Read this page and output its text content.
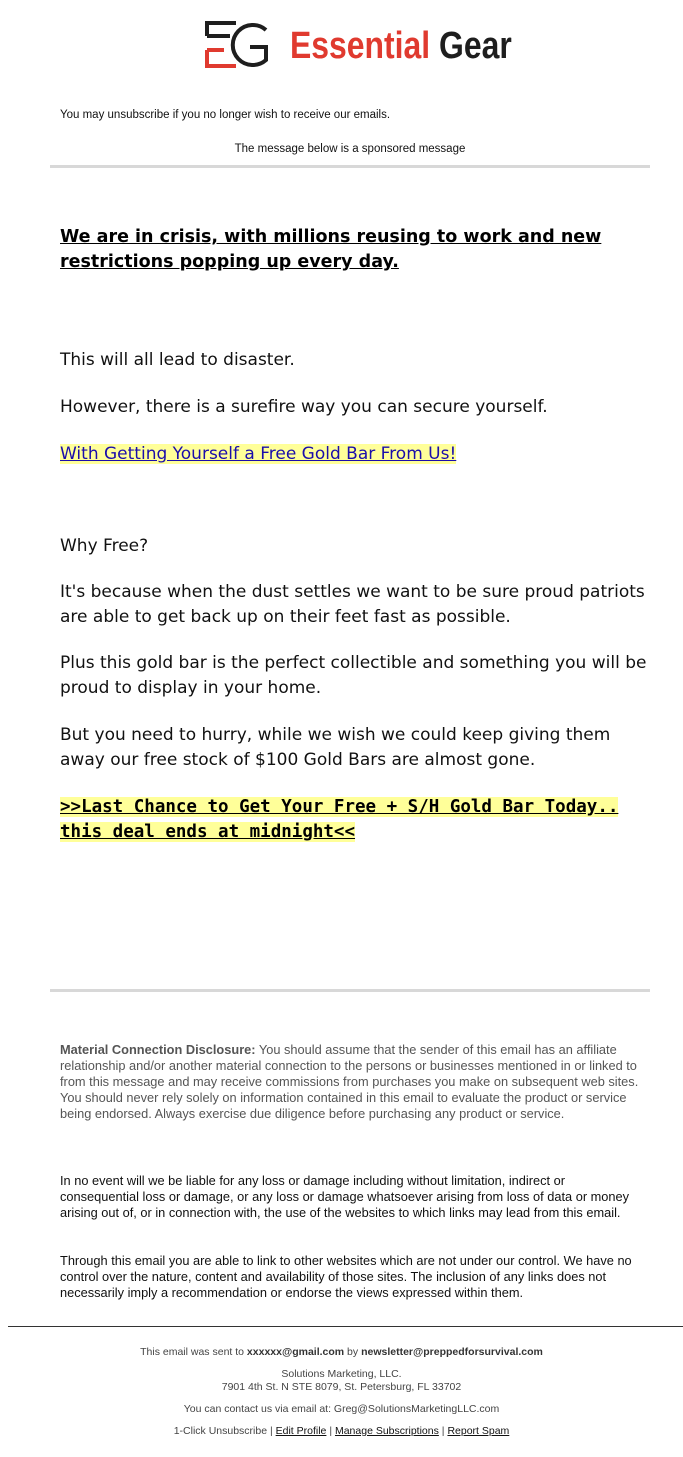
Essential Gear
You may unsubscribe if you no longer wish to receive our emails.
The message below is a sponsored message
We are in crisis, with millions reusing to work and new restrictions popping up every day.
This will all lead to disaster.
However, there is a surefire way you can secure yourself.
With Getting Yourself a Free Gold Bar From Us!
Why Free?
It's because when the dust settles we want to be sure proud patriots are able to get back up on their feet fast as possible.
Plus this gold bar is the perfect collectible and something you will be proud to display in your home.
But you need to hurry, while we wish we could keep giving them away our free stock of $100 Gold Bars are almost gone.
>>Last Chance to Get Your Free + S/H Gold Bar Today.. this deal ends at midnight<<
Material Connection Disclosure: You should assume that the sender of this email has an affiliate relationship and/or another material connection to the persons or businesses mentioned in or linked to from this message and may receive commissions from purchases you make on subsequent web sites. You should never rely solely on information contained in this email to evaluate the product or service being endorsed. Always exercise due diligence before purchasing any product or service.
In no event will we be liable for any loss or damage including without limitation, indirect or consequential loss or damage, or any loss or damage whatsoever arising from loss of data or money arising out of, or in connection with, the use of the websites to which links may lead from this email.
Through this email you are able to link to other websites which are not under our control. We have no control over the nature, content and availability of those sites. The inclusion of any links does not necessarily imply a recommendation or endorse the views expressed within them.
This email was sent to xxxxxx@gmail.com by newsletter@preppedforsurvival.com
Solutions Marketing, LLC.
7901 4th St. N STE 8079, St. Petersburg, FL 33702
You can contact us via email at: Greg@SolutionsMarketingLLC.com
1-Click Unsubscribe | Edit Profile | Manage Subscriptions | Report Spam
